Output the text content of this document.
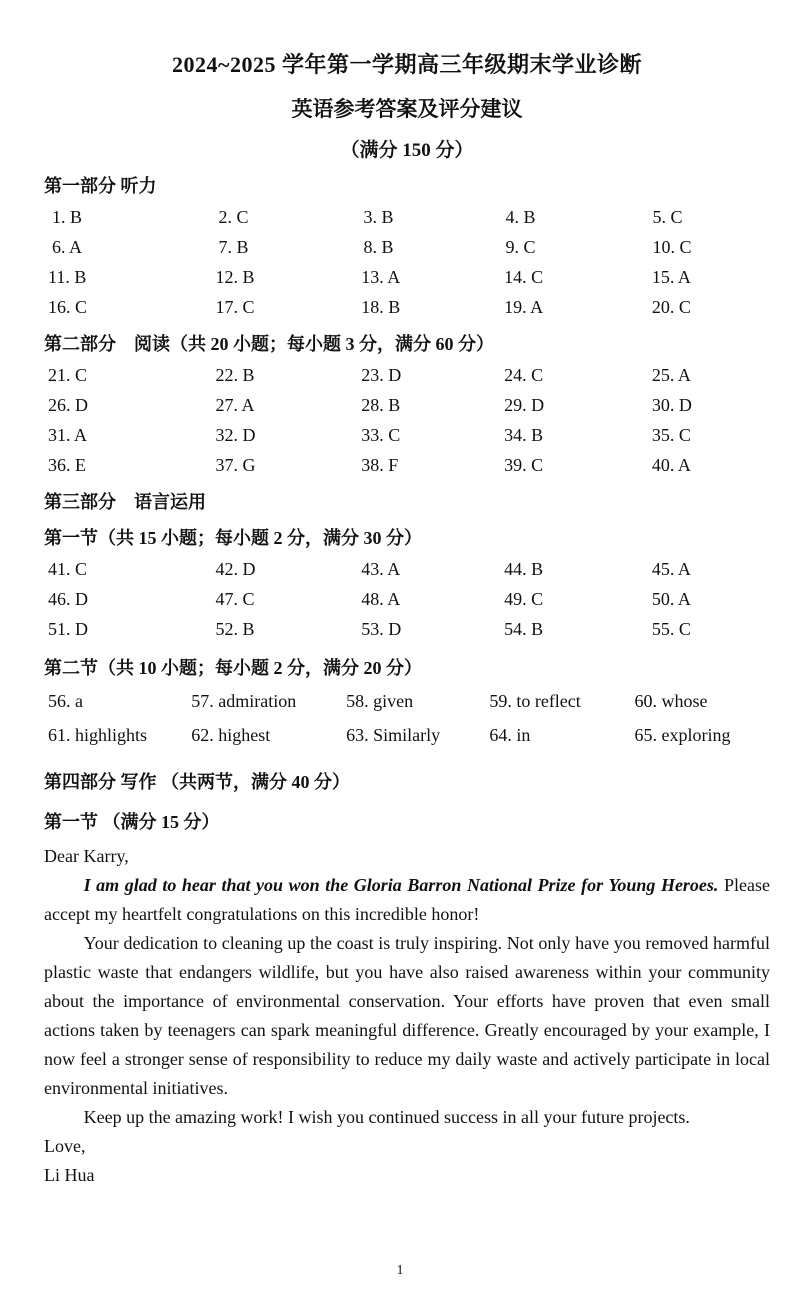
2024~2025 学年第一学期高三年级期末学业诊断
英语参考答案及评分建议
（满分 150 分）
第一部分 听力
1. B	2. C	3. B	4. B	5. C
6. A	7. B	8. B	9. C	10. C
11. B	12. B	13. A	14. C	15. A
16. C	17. C	18. B	19. A	20. C
第二部分　阅读（共 20 小题；每小题 3 分，满分 60 分）
21. C	22. B	23. D	24. C	25. A
26. D	27. A	28. B	29. D	30. D
31. A	32. D	33. C	34. B	35. C
36. E	37. G	38. F	39. C	40. A
第三部分　语言运用
第一节（共 15 小题；每小题 2 分，满分 30 分）
41. C	42. D	43. A	44. B	45. A
46. D	47. C	48. A	49. C	50. A
51. D	52. B	53. D	54. B	55. C
第二节（共 10 小题；每小题 2 分，满分 20 分）
56. a	57. admiration	58. given	59. to reflect	60. whose
61. highlights	62. highest	63. Similarly	64. in	65. exploring
第四部分 写作 （共两节，满分 40 分）
第一节 （满分 15 分）
Dear Karry,

I am glad to hear that you won the Gloria Barron National Prize for Young Heroes. Please accept my heartfelt congratulations on this incredible honor!

Your dedication to cleaning up the coast is truly inspiring. Not only have you removed harmful plastic waste that endangers wildlife, but you have also raised awareness within your community about the importance of environmental conservation. Your efforts have proven that even small actions taken by teenagers can spark meaningful difference. Greatly encouraged by your example, I now feel a stronger sense of responsibility to reduce my daily waste and actively participate in local environmental initiatives.

Keep up the amazing work! I wish you continued success in all your future projects.

Love,
Li Hua
1
